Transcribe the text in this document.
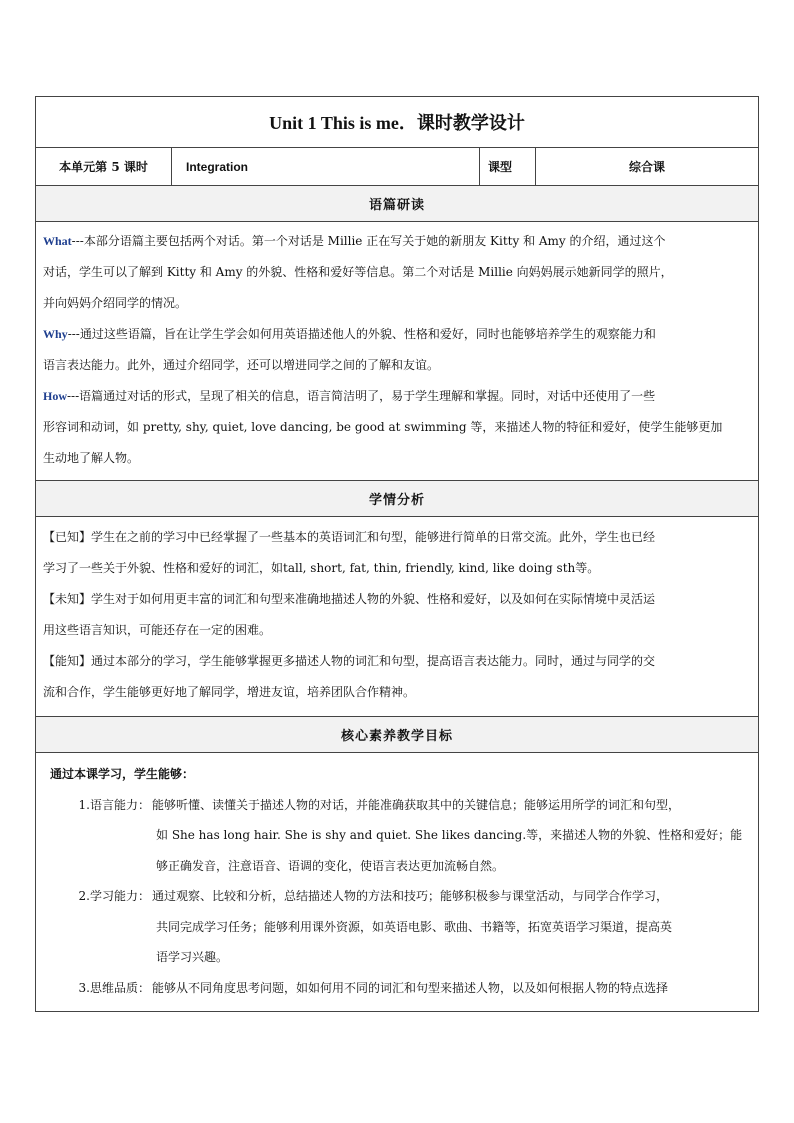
Unit 1 This is me．课时教学设计
本单元第 5 课时	Integration	课型	综合课
语篇研读

What---本部分语篇主要包括两个对话。第一个对话是 Millie 正在写关于她的新朋友 Kitty 和 Amy 的介绍，通过这个

对话，学生可以了解到 Kitty 和 Amy 的外貌、性格和爱好等信息。第二个对话是 Millie 向妈妈展示她新同学的照片，

并向妈妈介绍同学的情况。

Why---通过这些语篇，旨在让学生学会如何用英语描述他人的外貌、性格和爱好，同时也能够培养学生的观察能力和

语言表达能力。此外，通过介绍同学，还可以增进同学之间的了解和友谊。

How---语篇通过对话的形式，呈现了相关的信息，语言简洁明了，易于学生理解和掌握。同时，对话中还使用了一些

形容词和动词，如 pretty, shy, quiet, love dancing, be good at swimming 等，来描述人物的特征和爱好，使学生能够更加

生动地了解人物。

学情分析

【已知】学生在之前的学习中已经掌握了一些基本的英语词汇和句型，能够进行简单的日常交流。此外，学生也已经

学习了一些关于外貌、性格和爱好的词汇，如tall, short, fat, thin, friendly, kind, like doing sth等。

【未知】学生对于如何用更丰富的词汇和句型来准确地描述人物的外貌、性格和爱好，以及如何在实际情境中灵活运

用这些语言知识，可能还存在一定的困难。

【能知】通过本部分的学习，学生能够掌握更多描述人物的词汇和句型，提高语言表达能力。同时，通过与同学的交

流和合作，学生能够更好地了解同学，增进友谊，培养团队合作精神。

核心素养教学目标

通过本课学习，学生能够：

1. 语言能力： 能够听懂、读懂关于描述人物的对话，并能准确获取其中的关键信息；能够运用所学的词汇和句型，

如 She has long hair. She is shy and quiet. She likes dancing.等，来描述人物的外貌、性格和爱好；能

够正确发音，注意语音、语调的变化，使语言表达更加流畅自然。

2. 学习能力： 通过观察、比较和分析，总结描述人物的方法和技巧；能够积极参与课堂活动，与同学合作学习，

共同完成学习任务；能够利用课外资源，如英语电影、歌曲、书籍等，拓宽英语学习渠道，提高英

语学习兴趣。

3. 思维品质： 能够从不同角度思考问题，如如何用不同的词汇和句型来描述人物，以及如何根据人物的特点选择
